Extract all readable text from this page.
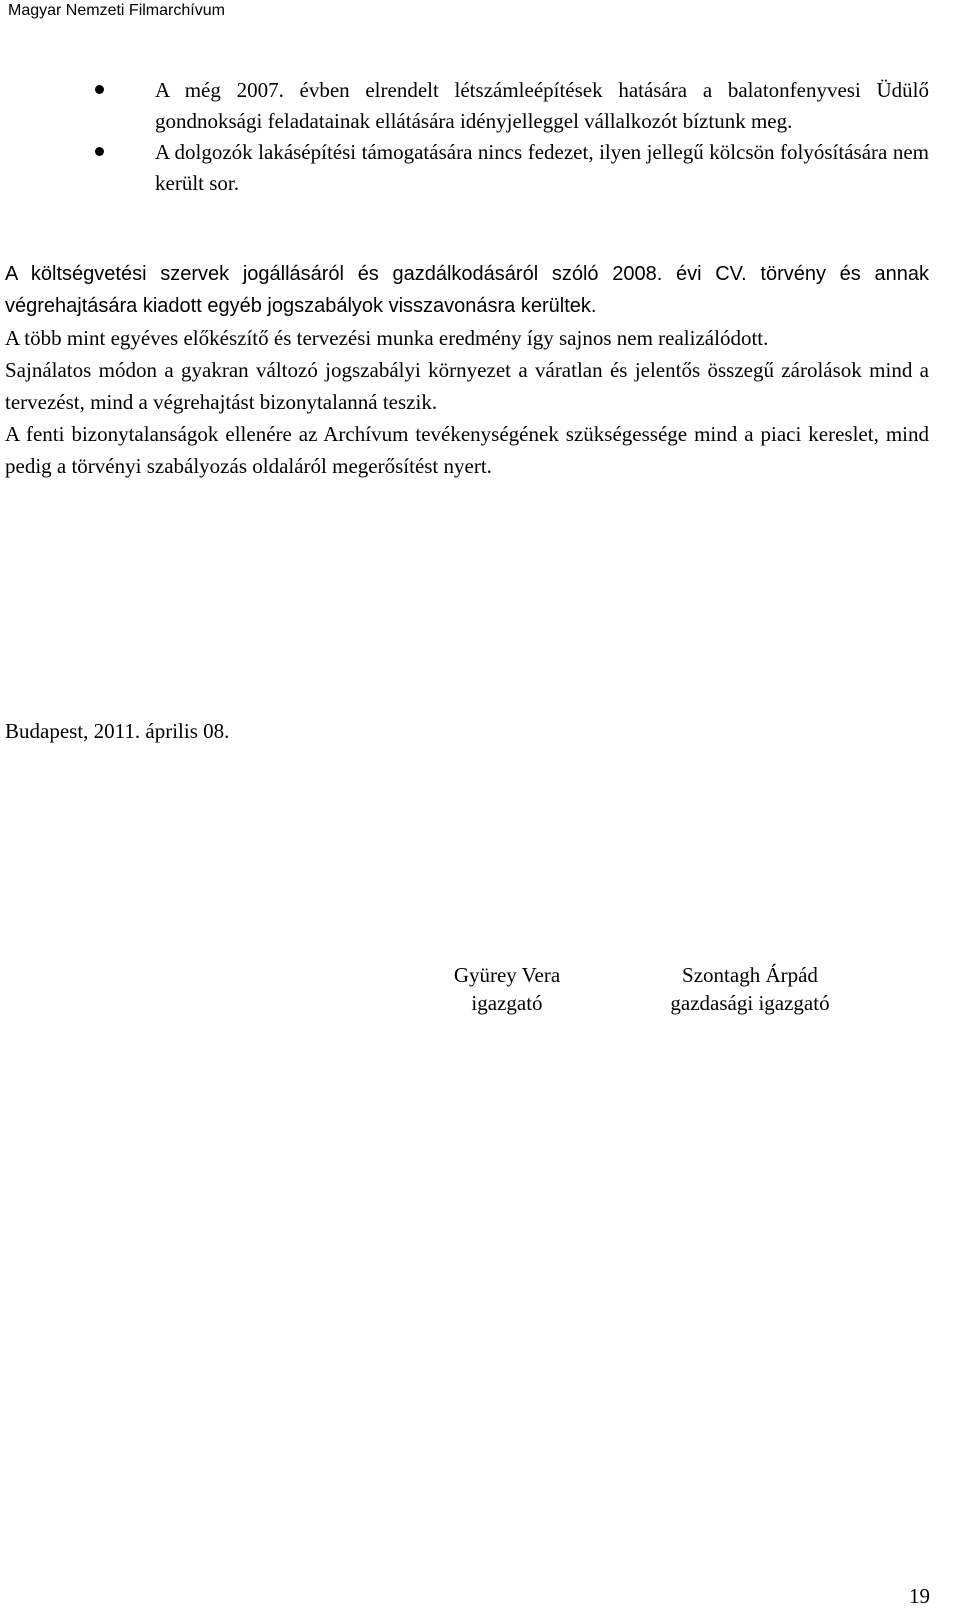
Magyar Nemzeti Filmarchívum
A még 2007. évben elrendelt létszámleépítések hatására a balatonfenyvesi Üdülő gondnoksági feladatainak ellátására idényjelleggel vállalkozót bíztunk meg.
A dolgozók lakásépítési támogatására nincs fedezet, ilyen jellegű kölcsön folyósítására nem került sor.

A költségvetési szervek jogállásáról és gazdálkodásáról szóló 2008. évi CV. törvény és annak végrehajtására kiadott egyéb jogszabályok visszavonásra kerültek.

A több mint egyéves előkészítő és tervezési munka eredmény így sajnos nem realizálódott.

Sajnálatos módon a gyakran változó jogszabályi környezet a váratlan és jelentős összegű zárolások mind a tervezést, mind a végrehajtást bizonytalanná teszik.

A fenti bizonytalanságok ellenére az Archívum tevékenységének szükségessége mind a piaci kereslet, mind pedig a törvényi szabályozás oldaláról megerősítést nyert.

Budapest, 2011. április 08.
Gyürey Vera
igazgató
Szontagh Árpád
gazdasági igazgató
19
